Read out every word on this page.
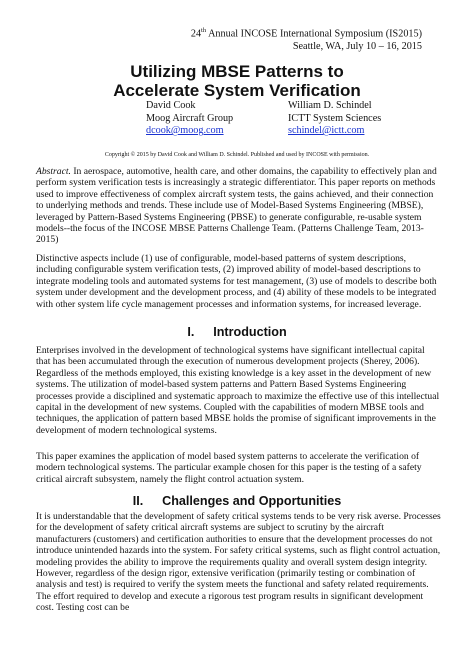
24th Annual INCOSE International Symposium (IS2015)
Seattle, WA, July 10 – 16, 2015
Utilizing MBSE Patterns to
Accelerate System Verification
David Cook
Moog Aircraft Group
dcook@moog.com
William D. Schindel
ICTT System Sciences
schindel@ictt.com
Copyright © 2015 by David Cook and William D. Schindel. Published and used by INCOSE with permission.

Abstract. In aerospace, automotive, health care, and other domains, the capability to effectively plan and perform system verification tests is increasingly a strategic differentiator. This paper reports on methods used to improve effectiveness of complex aircraft system tests, the gains achieved, and their connection to underlying methods and trends. These include use of Model-Based Systems Engineering (MBSE), leveraged by Pattern-Based Systems Engineering (PBSE) to generate configurable, re-usable system models--the focus of the INCOSE MBSE Patterns Challenge Team. (Patterns Challenge Team, 2013-2015)

Distinctive aspects include (1) use of configurable, model-based patterns of system descriptions, including configurable system verification tests, (2) improved ability of model-based descriptions to integrate modeling tools and automated systems for test management, (3) use of models to describe both system under development and the development process, and (4) ability of these models to be integrated with other system life cycle management processes and information systems, for increased leverage.

I.  Introduction

Enterprises involved in the development of technological systems have significant intellectual capital that has been accumulated through the execution of numerous development projects (Sherey, 2006). Regardless of the methods employed, this existing knowledge is a key asset in the development of new systems. The utilization of model-based system patterns and Pattern Based Systems Engineering processes provide a disciplined and systematic approach to maximize the effective use of this intellectual capital in the development of new systems. Coupled with the capabilities of modern MBSE tools and techniques, the application of pattern based MBSE holds the promise of significant improvements in the development of modern technological systems.

This paper examines the application of model based system patterns to accelerate the verification of modern technological systems. The particular example chosen for this paper is the testing of a safety critical aircraft subsystem, namely the flight control actuation system.

II.  Challenges and Opportunities

It is understandable that the development of safety critical systems tends to be very risk averse. Processes for the development of safety critical aircraft systems are subject to scrutiny by the aircraft manufacturers (customers) and certification authorities to ensure that the development processes do not introduce unintended hazards into the system. For safety critical systems, such as flight control actuation, modeling provides the ability to improve the requirements quality and overall system design integrity. However, regardless of the design rigor, extensive verification (primarily testing or combination of analysis and test) is required to verify the system meets the functional and safety related requirements. The effort required to develop and execute a rigorous test program results in significant development cost. Testing cost can be
